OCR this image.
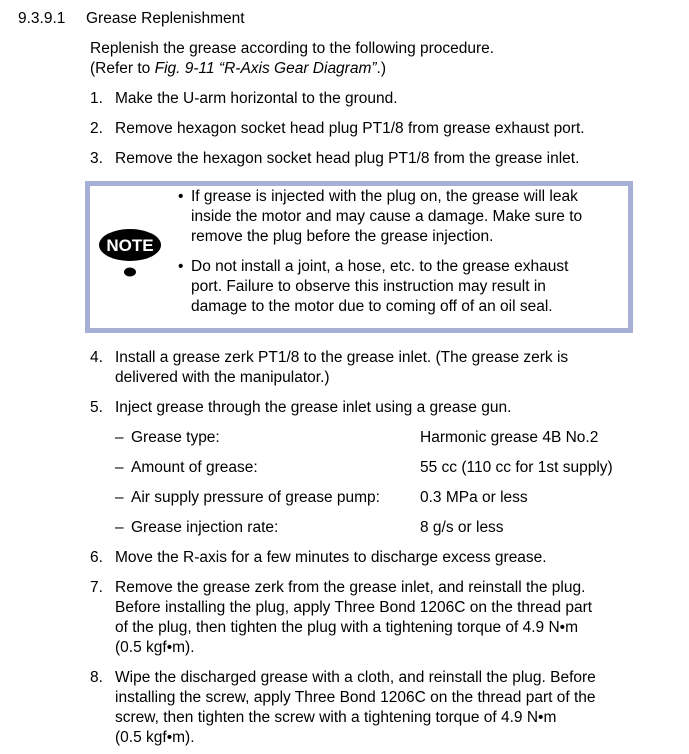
9.3.9.1 Grease Replenishment
Replenish the grease according to the following procedure.
(Refer to Fig. 9-11 “R-Axis Gear Diagram”.)
1. Make the U-arm horizontal to the ground.
2. Remove hexagon socket head plug PT1/8 from grease exhaust port.
3. Remove the hexagon socket head plug PT1/8 from the grease inlet.
NOTE
• If grease is injected with the plug on, the grease will leak
inside the motor and may cause a damage. Make sure to
remove the plug before the grease injection.
• Do not install a joint, a hose, etc. to the grease exhaust
port. Failure to observe this instruction may result in
damage to the motor due to coming off of an oil seal.
4. Install a grease zerk PT1/8 to the grease inlet. (The grease zerk is
delivered with the manipulator.)
5. Inject grease through the grease inlet using a grease gun.
– Grease type:	Harmonic grease 4B No.2
– Amount of grease:	55 cc (110 cc for 1st supply)
– Air supply pressure of grease pump:	0.3 MPa or less
– Grease injection rate:	8 g/s or less
6. Move the R-axis for a few minutes to discharge excess grease.
7. Remove the grease zerk from the grease inlet, and reinstall the plug.
Before installing the plug, apply Three Bond 1206C on the thread part
of the plug, then tighten the plug with a tightening torque of 4.9 N•m
(0.5 kgf•m).
8. Wipe the discharged grease with a cloth, and reinstall the plug. Before
installing the screw, apply Three Bond 1206C on the thread part of the
screw, then tighten the screw with a tightening torque of 4.9 N•m
(0.5 kgf•m).
